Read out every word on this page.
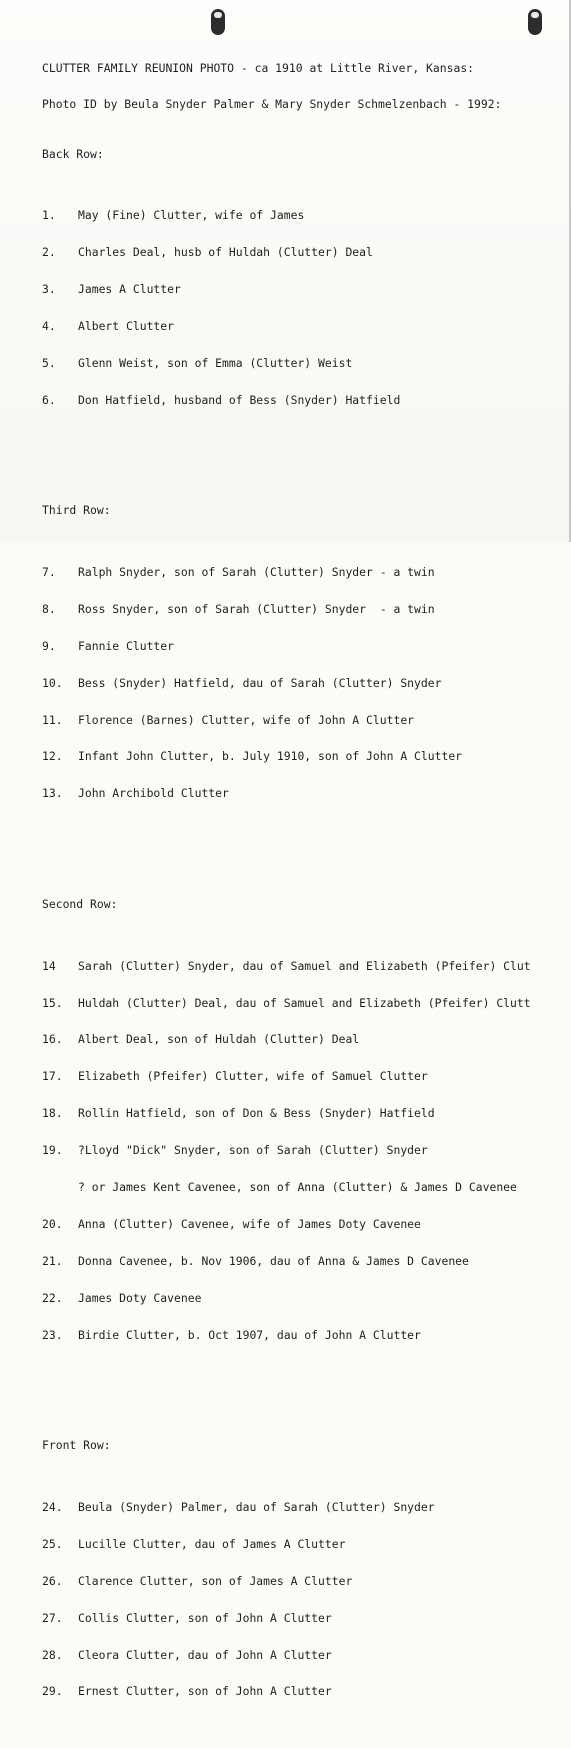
CLUTTER FAMILY REUNION PHOTO - ca 1910 at Little River, Kansas:

Photo ID by Beula Snyder Palmer & Mary Snyder Schmelzenbach - 1992:

Back Row:

1. May (Fine) Clutter, wife of James

2. Charles Deal, husb of Huldah (Clutter) Deal

3. James A Clutter

4. Albert Clutter

5. Glenn Weist, son of Emma (Clutter) Weist

6. Don Hatfield, husband of Bess (Snyder) Hatfield

Third Row:

7. Ralph Snyder, son of Sarah (Clutter) Snyder - a twin

8. Ross Snyder, son of Sarah (Clutter) Snyder  - a twin

9. Fannie Clutter

10. Bess (Snyder) Hatfield, dau of Sarah (Clutter) Snyder

11. Florence (Barnes) Clutter, wife of John A Clutter

12. Infant John Clutter, b. July 1910, son of John A Clutter

13. John Archibold Clutter

Second Row:

14 Sarah (Clutter) Snyder, dau of Samuel and Elizabeth (Pfeifer) Clut

15. Huldah (Clutter) Deal, dau of Samuel and Elizabeth (Pfeifer) Clutt

16. Albert Deal, son of Huldah (Clutter) Deal

17. Elizabeth (Pfeifer) Clutter, wife of Samuel Clutter

18. Rollin Hatfield, son of Don & Bess (Snyder) Hatfield

19. ?Lloyd "Dick" Snyder, son of Sarah (Clutter) Snyder

? or James Kent Cavenee, son of Anna (Clutter) & James D Cavenee

20. Anna (Clutter) Cavenee, wife of James Doty Cavenee

21. Donna Cavenee, b. Nov 1906, dau of Anna & James D Cavenee

22. James Doty Cavenee

23. Birdie Clutter, b. Oct 1907, dau of John A Clutter

Front Row:

24. Beula (Snyder) Palmer, dau of Sarah (Clutter) Snyder

25. Lucille Clutter, dau of James A Clutter

26. Clarence Clutter, son of James A Clutter

27. Collis Clutter, son of John A Clutter

28. Cleora Clutter, dau of John A Clutter

29. Ernest Clutter, son of John A Clutter
